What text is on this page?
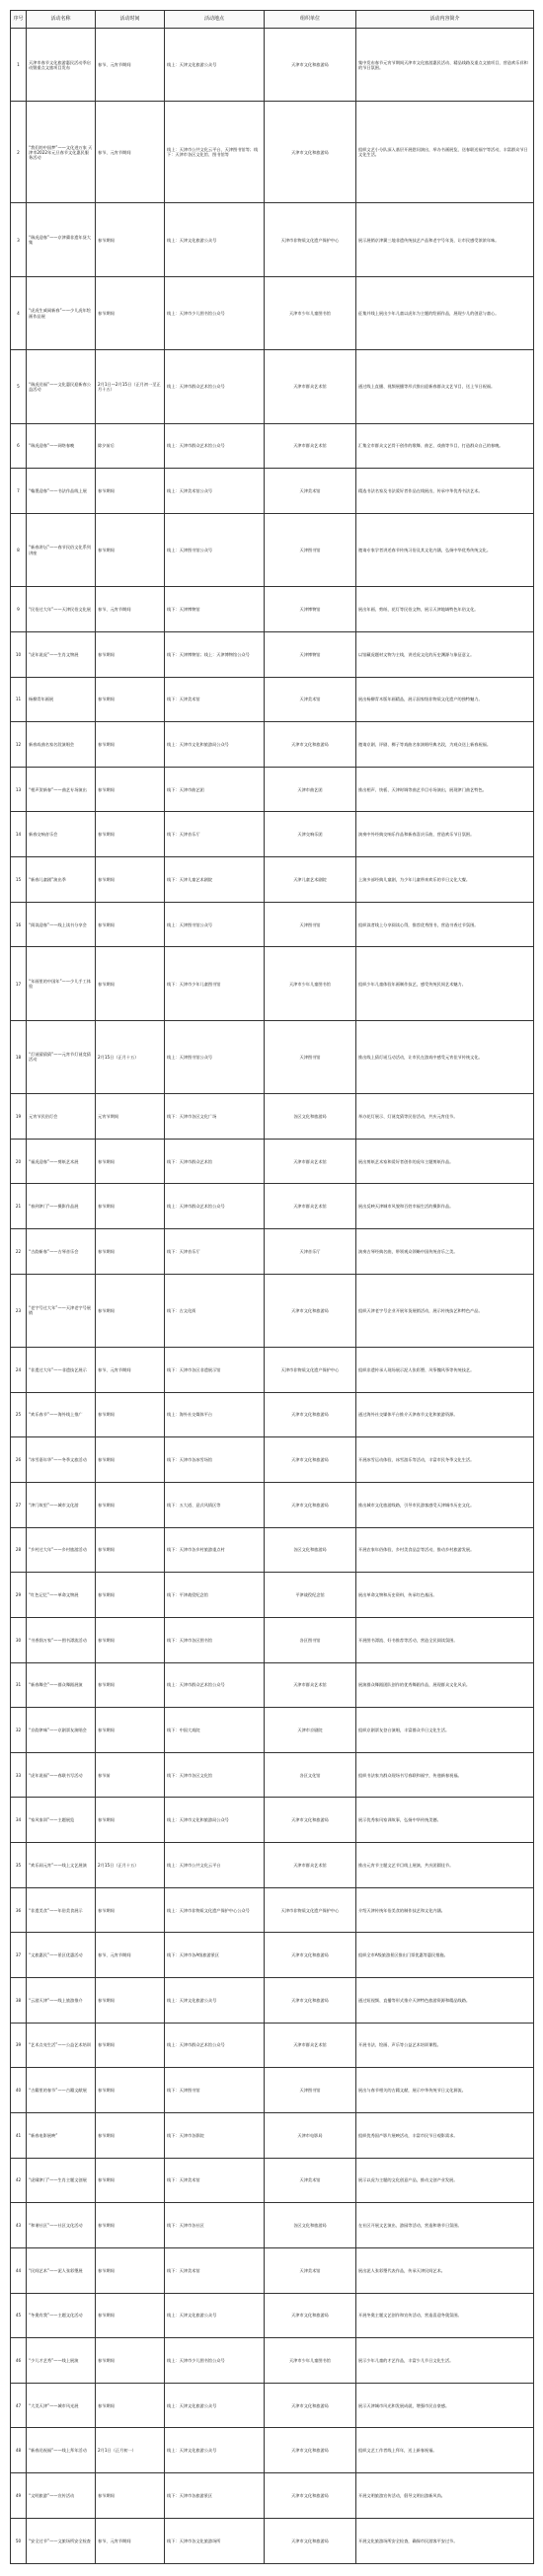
序号	活动名称	活动时间	活动地点	组织单位	活动内容简介
1	天津市春节文化旅游惠民活动季启动暨重点文旅项目发布	春节、元宵节期间	线上：天津文化旅游公众号	天津市文化和旅游局	集中发布春节元宵节期间天津市文化旅游惠民活动、精品线路及重点文旅项目，营造欢乐祥和的节日氛围。
2	“我们的中国梦”——文化进万家 天津市2022年元旦春节文化惠民服务活动	春节、元宵节期间	线上：天津市公共文化云平台、天津图书馆等；线下：天津市各区文化馆、图书馆等	天津市文化和旅游局	组织文艺小分队深入基层开展慰问演出，举办书画展览、送春联送福字等活动，丰富群众节日文化生活。
3	“瑞虎迎春”——京津冀非遗年货大集	春节期间	线上：天津文化旅游公众号	天津市非物质文化遗产保护中心	展示展销京津冀三地非遗传统技艺产品和老字号年货，让市民感受浓浓年味。
4	“虎虎生威闹新春”——少儿虎年绘画作品展	春节期间	线上：天津市少儿图书馆公众号	天津市少年儿童图书馆	征集并线上展出少年儿童以虎年为主题的绘画作品，展现少儿的创意与童心。
5	“瑞虎送福”——文化惠民迎新春公益活动	2月1日—2月15日（正月初一至正月十五）	线上：天津市群众艺术馆公众号	天津市群众艺术馆	通过线上直播、视频展播等形式推出迎新春群众文艺节目，送上节日祝福。
6	“瑞虎迎春”——网络春晚	除夕前后	线上：天津市群众艺术馆公众号	天津市群众艺术馆	汇集全市群众文艺骨干创作的歌舞、曲艺、戏曲等节目，打造群众自己的春晚。
7	“翰墨迎春”——书法作品线上展	春节期间	线上：天津美术馆公众号	天津美术馆	精选书法名家及书法爱好者作品在线展出，传承中华优秀书法艺术。
8	“新春讲坛”——春节民俗文化系列讲座	春节期间	线上：天津图书馆公众号	天津图书馆	邀请专家学者讲述春节传统习俗及其文化内涵，弘扬中华优秀传统文化。
9	“民俗过大年”——天津民俗文化展	春节、元宵节期间	线下：天津博物馆	天津博物馆	展出年画、剪纸、花灯等民俗文物，展示天津地域特色年俗文化。
10	“虎年说虎”——生肖文物展	春节期间	线下：天津博物馆；线上：天津博物馆公众号	天津博物馆	以馆藏虎题材文物为主线，讲述虎文化的历史渊源与象征意义。
11	杨柳青年画展	春节期间	线下：天津美术馆	天津美术馆	展出杨柳青木版年画精品，展示国家级非物质文化遗产的独特魅力。
12	新春戏曲名家名段演唱会	春节期间	线上：天津市文化和旅游局公众号	天津市文化和旅游局	邀请京剧、评剧、梆子等戏曲名家演唱经典名段，为观众送上新春祝福。
13	“相声贺新春”——曲艺专场演出	春节期间	线下：天津市曲艺团	天津市曲艺团	推出相声、快板、天津时调等曲艺节目专场演出，展现津门曲艺特色。
14	新春交响音乐会	春节期间	线下：天津音乐厅	天津交响乐团	演奏中外经典交响乐作品和新春喜庆乐曲，营造欢乐节日氛围。
15	“新春儿童剧”演出季	春节期间	线下：天津儿童艺术剧院	天津儿童艺术剧院	上演多部经典儿童剧，为少年儿童带来欢乐的节日文化大餐。
16	“阅读迎春”——线上读书分享会	春节期间	线上：天津图书馆公众号	天津图书馆	组织读者线上分享阅读心得，推荐优秀图书，营造书香过节氛围。
17	“年画里的中国年”——少儿手工体验	春节期间	线下：天津市少年儿童图书馆	天津市少年儿童图书馆	组织少年儿童体验年画制作技艺，感受传统民间艺术魅力。
18	“灯谜猜猜猜”——元宵节灯谜竞猜活动	2月15日（正月十五）	线上：天津图书馆公众号	天津图书馆	推出线上猜灯谜互动活动，让市民在游戏中感受元宵佳节传统文化。
19	元宵节民俗灯会	元宵节期间	线下：天津市各区文化广场	各区文化和旅游局	举办花灯展示、灯谜竞猜等民俗活动，共庆元宵佳节。
20	“福虎迎春”——剪纸艺术展	春节期间	线下：天津市群众艺术馆	天津市群众艺术馆	展出剪纸艺术家和爱好者创作的虎年主题剪纸作品。
21	“春到津门”——摄影作品展	春节期间	线上：天津市群众艺术馆公众号	天津市群众艺术馆	展出反映天津城市风貌和百姓幸福生活的摄影作品。
22	“古韵新春”——古琴音乐会	春节期间	线下：天津音乐厅	天津音乐厅	演奏古琴经典名曲，带领观众领略中国传统音乐之美。
23	“老字号过大年”——天津老字号展销	春节期间	线下：古文化街	天津市文化和旅游局	组织天津老字号企业开展年货展销活动，展示传统技艺和特色产品。
24	“非遗过大年”——非遗技艺展示	春节、元宵节期间	线下：天津市各区非遗展示馆	天津市非物质文化遗产保护中心	组织非遗传承人现场展示泥人张彩塑、风筝魏风筝等传统技艺。
25	“欢乐春节”——海外线上推广	春节期间	线上：海外社交媒体平台	天津市文化和旅游局	通过海外社交媒体平台推介天津春节文化和旅游资源。
26	“冰雪嘉年华”——冬季文旅活动	春节期间	线下：天津市各冰雪场馆	天津市文化和旅游局	开展冰雪运动体验、冰雪游乐等活动，丰富市民冬季文化生活。
27	“津门故里”——城市文化游	春节期间	线下：五大道、意式风情区等	天津市文化和旅游局	推出城市文化旅游线路，引导市民游客感受天津城市历史文化。
28	“乡村过大年”——乡村旅游活动	春节期间	线下：天津市各乡村旅游重点村	各区文化和旅游局	开展农家年俗体验、乡村美食品尝等活动，推动乡村旅游发展。
29	“红色记忆”——革命文物展	春节期间	线下：平津战役纪念馆	平津战役纪念馆	展出革命文物和历史资料，传承红色基因。
30	“书香润万家”——图书漂流活动	春节期间	线下：天津市各区图书馆	各区图书馆	开展图书漂流、好书推荐等活动，营造全民阅读氛围。
31	“新春舞会”——群众舞蹈展演	春节期间	线上：天津市群众艺术馆公众号	天津市群众艺术馆	展演群众舞蹈团队创作的优秀舞蹈作品，展现群众文化风采。
32	“京韵津味”——京剧票友演唱会	春节期间	线下：中国大戏院	天津市京剧院	组织京剧票友登台演唱，丰富群众节日文化生活。
33	“虎年说福”——春联书写活动	春节前	线下：天津市各区文化馆	各区文化馆	组织书法家为群众现场书写春联和福字，传递新春祝福。
34	“家风家训”——主题展览	春节期间	线上：天津市文化和旅游局公众号	天津市文化和旅游局	展示优秀家风家训故事，弘扬中华传统美德。
35	“欢乐闹元宵”——线上文艺展演	2月15日（正月十五）	线上：天津市公共文化云平台	天津市群众艺术馆	推出元宵节主题文艺节目线上展演，共庆团圆佳节。
36	“非遗美食”——年俗美食展示	春节期间	线上：天津市非物质文化遗产保护中心公众号	天津市非物质文化遗产保护中心	介绍天津传统年俗美食的制作技艺和文化内涵。
37	“文旅惠民”——景区优惠活动	春节、元宵节期间	线下：天津市各A级旅游景区	天津市文化和旅游局	组织全市A级旅游景区推出门票优惠等惠民措施。
38	“云游天津”——线上旅游推介	春节期间	线上：天津文化旅游公众号	天津市文化和旅游局	通过短视频、直播等形式推介天津特色旅游资源和精品线路。
39	“艺术点亮生活”——公益艺术培训	春节期间	线上：天津市群众艺术馆公众号	天津市群众艺术馆	开展书法、绘画、声乐等公益艺术培训课程。
40	“古籍里的春节”——古籍文献展	春节期间	线下：天津图书馆	天津图书馆	展出与春节相关的古籍文献，展示中华传统节日文化源流。
41	“新春电影展映”	春节期间	线下：天津市各影院	天津市电影局	组织优秀国产影片展映活动，丰富市民节日观影需求。
42	“虎啸津门”——生肖主题文创展	春节期间	线下：天津美术馆	天津美术馆	展示以虎为主题的文化创意产品，推动文创产业发展。
43	“和谐社区”——社区文化活动	春节期间	线下：天津市各社区	各区文化和旅游局	在社区开展文艺演出、游园等活动，营造和谐节日氛围。
44	“民间艺术”——泥人张彩塑展	春节期间	线下：天津美术馆	天津美术馆	展出泥人张彩塑代表作品，传承天津民间艺术。
45	“冬奥有我”——主题文化活动	春节期间	线上：天津文化旅游公众号	天津市文化和旅游局	开展冬奥主题文艺创作和宣传活动，营造喜迎冬奥氛围。
46	“少儿才艺秀”——线上展演	春节期间	线上：天津市少儿图书馆公众号	天津市少年儿童图书馆	展示少年儿童的才艺作品，丰富少儿节日文化生活。
47	“大美天津”——城市风光展	春节期间	线上：天津文化旅游公众号	天津市文化和旅游局	展示天津城市风光和发展成就，增强市民自豪感。
48	“新春送祝福”——线上拜年活动	2月1日（正月初一）	线上：天津文化旅游公众号	天津市文化和旅游局	组织文艺工作者线上拜年，送上新春祝福。
49	“文明旅游”——宣传活动	春节期间	线下：天津市各旅游景区	天津市文化和旅游局	开展文明旅游宣传活动，倡导文明出游新风尚。
50	“安全过节”——文旅场所安全检查	春节、元宵节期间	线下：天津市各文化旅游场所	天津市文化和旅游局	开展文化旅游场所安全检查，确保市民游客平安过节。
